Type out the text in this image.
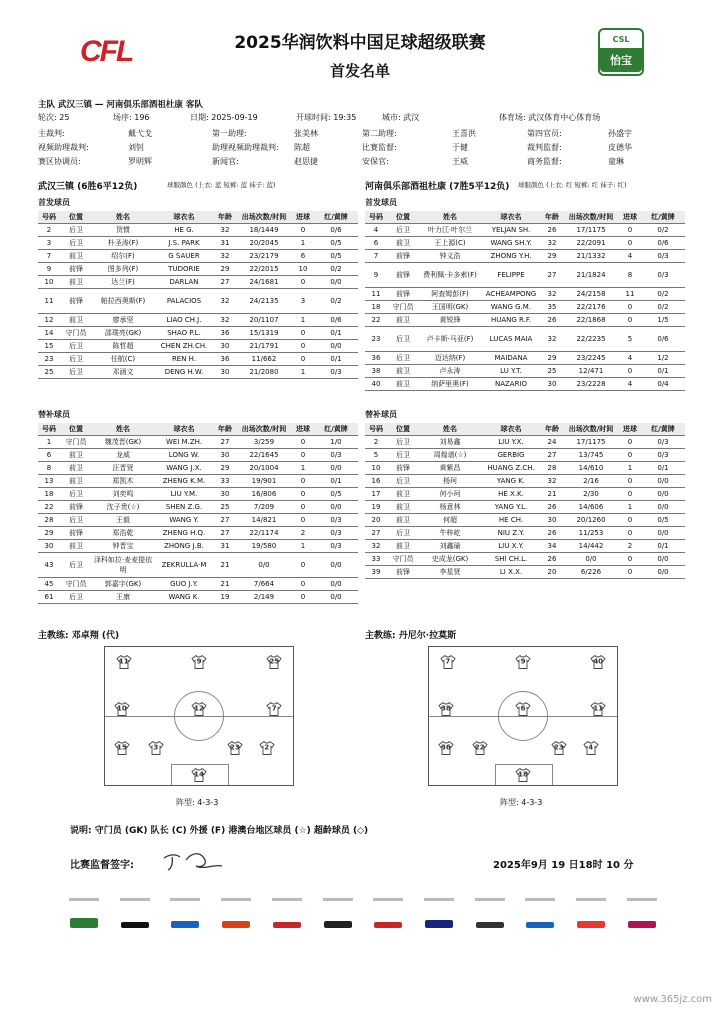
CFL	2025华润饮料中国足球超级联赛
首发名单
CSL
怡宝
主队 武汉三镇 — 河南俱乐部酒祖杜康 客队
轮次: 25	场序: 196	日期: 2025-09-19	开球时间: 19:35	城市: 武汉	体育场: 武汉体育中心体育场
主裁判:	戴弋戈	第一助理:	张美林	第二助理:	王喜洪	第四官员:	孙盛宇
视频助理裁判:	刘钊	助理视频助理裁判: 陈超	比赛监督:	于健	裁判监督:	皮德华
赛区协调员:	罗明辉	新闻官:	赵思捷	安保官:	王威	商务监督:	童琳
武汉三镇 (6胜6平12负)	球服颜色 (上衣: 蓝 短裤: 蓝 袜子: 蓝)
首发球员
号码	位置	姓名	球衣名	年龄	出场次数/时间	进球	红/黄牌
2	后卫	贺惯	HE G.	32	18/1449	0	0/6
3	后卫	朴圣涛(F)	J.S. PARK	31	20/2045	1	0/5
7	前卫	绍尔(F)	G SAUER	32	23/2179	6	0/5
9	前锋	图多列(F)	TUDORIE	29	22/2015	10	0/2
10	前卫	达兰(F)	DARLAN	27	24/1681	0	0/0
11	前锋	帕拉西奥斯(F)	PALACIOS	32	24/2135	3	0/2
12	前卫	廖承坚	LIAO CH.J.	32	20/1107	1	0/6
14	守门员	邵璞亮(GK)	SHAO P.L.	36	15/1319	0	0/1
15	后卫	陈哲超	CHEN ZH.CH.	30	21/1791	0	0/0
23	后卫	任航(C)	REN H.	36	11/662	0	0/1
25	后卫	邓涵文	DENG H.W.	30	21/2080	1	0/3
替补球员
号码	位置	姓名	球衣名	年龄	出场次数/时间	进球	红/黄牌
1	守门员	魏茂晋(GK)	WEI M.ZH.	27	3/259	0	1/0
6	前卫	龙威	LONG W.	30	22/1645	0	0/3
8	前卫	汪晋贤	WANG J.X.	29	20/1004	1	0/0
13	前卫	郑凯木	ZHENG K.M.	33	19/901	0	0/1
18	后卫	刘奕鸣	LIU Y.M.	30	16/806	0	0/5
22	前锋	沈子贵(☆)	SHEN Z.G.	25	7/209	0	0/0
28	后卫	王毅	WANG Y.	27	14/821	0	0/3
29	前锋	郑浩乾	ZHENG H.Q.	27	22/1174	2	0/3
30	前卫	钟晋宝	ZHONG J.B.	31	19/580	1	0/3
43	后卫	泽科如拉·麦麦提依明	ZEKRULLA·M	21	0/0	0	0/0
45	守门员	郭嘉宇(GK)	GUO J.Y.	21	7/664	0	0/0
61	后卫	王康	WANG K.	19	2/149	0	0/0
河南俱乐部酒祖杜康 (7胜5平12负) 球服颜色 (上衣: 红 短裤: 红 袜子: 红)
首发球员
号码	位置	姓名	球衣名	年龄	出场次数/时间	进球	红/黄牌
4	后卫	叶力江·叶尔兰	YELJAN SH.	26	17/1175	0	0/2
6	前卫	王上源(C)	WANG SH.Y.	32	22/2091	0	0/6
7	前锋	钟义浩	ZHONG Y.H.	29	21/1332	4	0/3
9	前锋	费利佩·卡多索(F)	FELIPPE	27	21/1824	8	0/3
11	前锋	阿查姆彭(F)	ACHEAMPONG	32	24/2158	11	0/2
18	守门员	王国明(GK)	WANG G.M.	35	22/2176	0	0/2
22	前卫	黄锐锋	HUANG R.F.	26	22/1868	0	1/5
23	后卫	卢卡斯·马亚(F)	LUCAS MAIA	32	22/2235	5	0/6
36	后卫	迈达纳(F)	MAIDANA	29	23/2245	4	1/2
38	前卫	卢永涛	LU Y.T.	25	12/471	0	0/1
40	前卫	纳萨里奥(F)	NAZARIO	30	23/2228	4	0/4
替补球员
号码	位置	姓名	球衣名	年龄	出场次数/时间	进球	红/黄牌
2	后卫	刘易鑫	LIU Y.X.	24	17/1175	0	0/3
5	后卫	周煌谱(☆)	GERBIG	27	13/745	0	0/3
10	前锋	黄紫昌	HUANG Z.CH.	28	14/610	1	0/1
16	后卫	杨珂	YANG K.	32	2/16	0	0/0
17	前卫	何小珂	HE X.K.	21	2/30	0	0/0
19	前卫	杨意林	YANG Y.L.	26	14/606	1	0/0
20	前卫	何超	HE CH.	30	20/1260	0	0/5
27	后卫	牛梓屹	NIU Z.Y.	26	11/253	0	0/0
32	前卫	刘鑫瑜	LIU X.Y.	34	14/442	2	0/1
33	守门员	史成龙(GK)	SHI CH.L.	26	0/0	0	0/0
39	前锋	李星贤	LI X.X.	20	6/226	0	0/0
主教练: 邓卓翔 (代)	主教练: 丹尼尔·拉莫斯
11	9	25
10	12	7
15	3	23	2
14
阵型: 4-3-3
7	9	40
38	6	11
36	22	23	4
18
阵型: 4-3-3
说明: 守门员 (GK) 队长 (C) 外援 (F) 港澳台地区球员 (☆) 超龄球员 (◇)
比赛监督签字:	2025年9月 19 日18时 10 分
www.365jz.com
